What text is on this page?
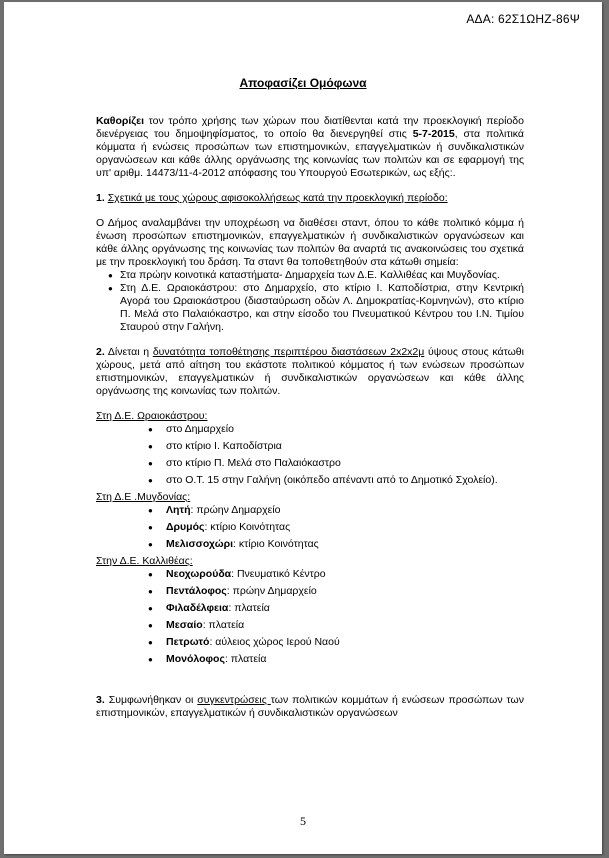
ΑΔΑ: 62Σ1ΩΗΖ-86Ψ
Αποφασίζει Ομόφωνα

Καθορίζει τον τρόπο χρήσης των χώρων που διατίθενται κατά την προεκλογική περίοδο διενέργειας του δημοψηφίσματος, το οποίο θα διενεργηθεί στις 5-7-2015, στα πολιτικά κόμματα ή ενώσεις προσώπων των επιστημονικών, επαγγελματικών ή συνδικαλιστικών οργανώσεων και κάθε άλλης οργάνωσης της κοινωνίας των πολιτών και σε εφαρμογή της υπ' αριθμ. 14473/11-4-2012 απόφασης του Υπουργού Εσωτερικών, ως εξής:.

1. Σχετικά με τους χώρους αφισοκολλήσεως κατά την προεκλογική περίοδο:

Ο Δήμος αναλαμβάνει την υποχρέωση να διαθέσει σταντ, όπου το κάθε πολιτικό κόμμα ή ένωση προσώπων επιστημονικών, επαγγελματικών ή συνδικαλιστικών οργανώσεων και κάθε άλλης οργάνωσης της κοινωνίας των πολιτών θα αναρτά τις ανακοινώσεις του σχετικά με την προεκλογική του δράση. Τα σταντ θα τοποθετηθούν στα κάτωθι σημεία:

● Στα πρώην κοινοτικά καταστήματα- Δημαρχεία των Δ.Ε. Καλλιθέας και Μυγδονίας.
● Στη Δ.Ε. Ωραιοκάστρου: στο Δημαρχείο, στο κτίριο Ι. Καποδίστρια, στην Κεντρική Αγορά του Ωραιοκάστρου (διασταύρωση οδών Λ. Δημοκρατίας-Κομνηνών), στο κτίριο Π. Μελά στο Παλαιόκαστρο, και στην είσοδο του Πνευματικού Κέντρου του Ι.Ν. Τιμίου Σταυρού στην Γαλήνη.

2. Δίνεται η δυνατότητα τοποθέτησης περιπτέρου διαστάσεων 2x2x2μ ύψους στους κάτωθι χώρους, μετά από αίτηση του εκάστοτε πολιτικού κόμματος ή των ενώσεων προσώπων επιστημονικών, επαγγελματικών ή συνδικαλιστικών οργανώσεων και κάθε άλλης οργάνωσης της κοινωνίας των πολιτών.

Στη Δ.Ε. Ωραιοκάστρου:
● στο Δημαρχείο
● στο κτίριο Ι. Καποδίστρια
● στο κτίριο Π. Μελά στο Παλαιόκαστρο
● στο Ο.Τ. 15 στην Γαλήνη (οικόπεδο απέναντι από το Δημοτικό Σχολείο).
Στη Δ.Ε .Μυγδονίας:
● Λητή: πρώην Δημαρχείο
● Δρυμός: κτίριο Κοινότητας
● Μελισσοχώρι: κτίριο Κοινότητας
Στην Δ.Ε. Καλλιθέας:
● Νεοχωρούδα: Πνευματικό Κέντρο
● Πεντάλοφος: πρώην Δημαρχείο
● Φιλαδέλφεια: πλατεία
● Μεσαίο: πλατεία
● Πετρωτό: αύλειος χώρος Ιερού Ναού
● Μονόλοφος: πλατεία

3. Συμφωνήθηκαν οι συγκεντρώσεις των πολιτικών κομμάτων ή ενώσεων προσώπων των επιστημονικών, επαγγελματικών ή συνδικαλιστικών οργανώσεων

5
